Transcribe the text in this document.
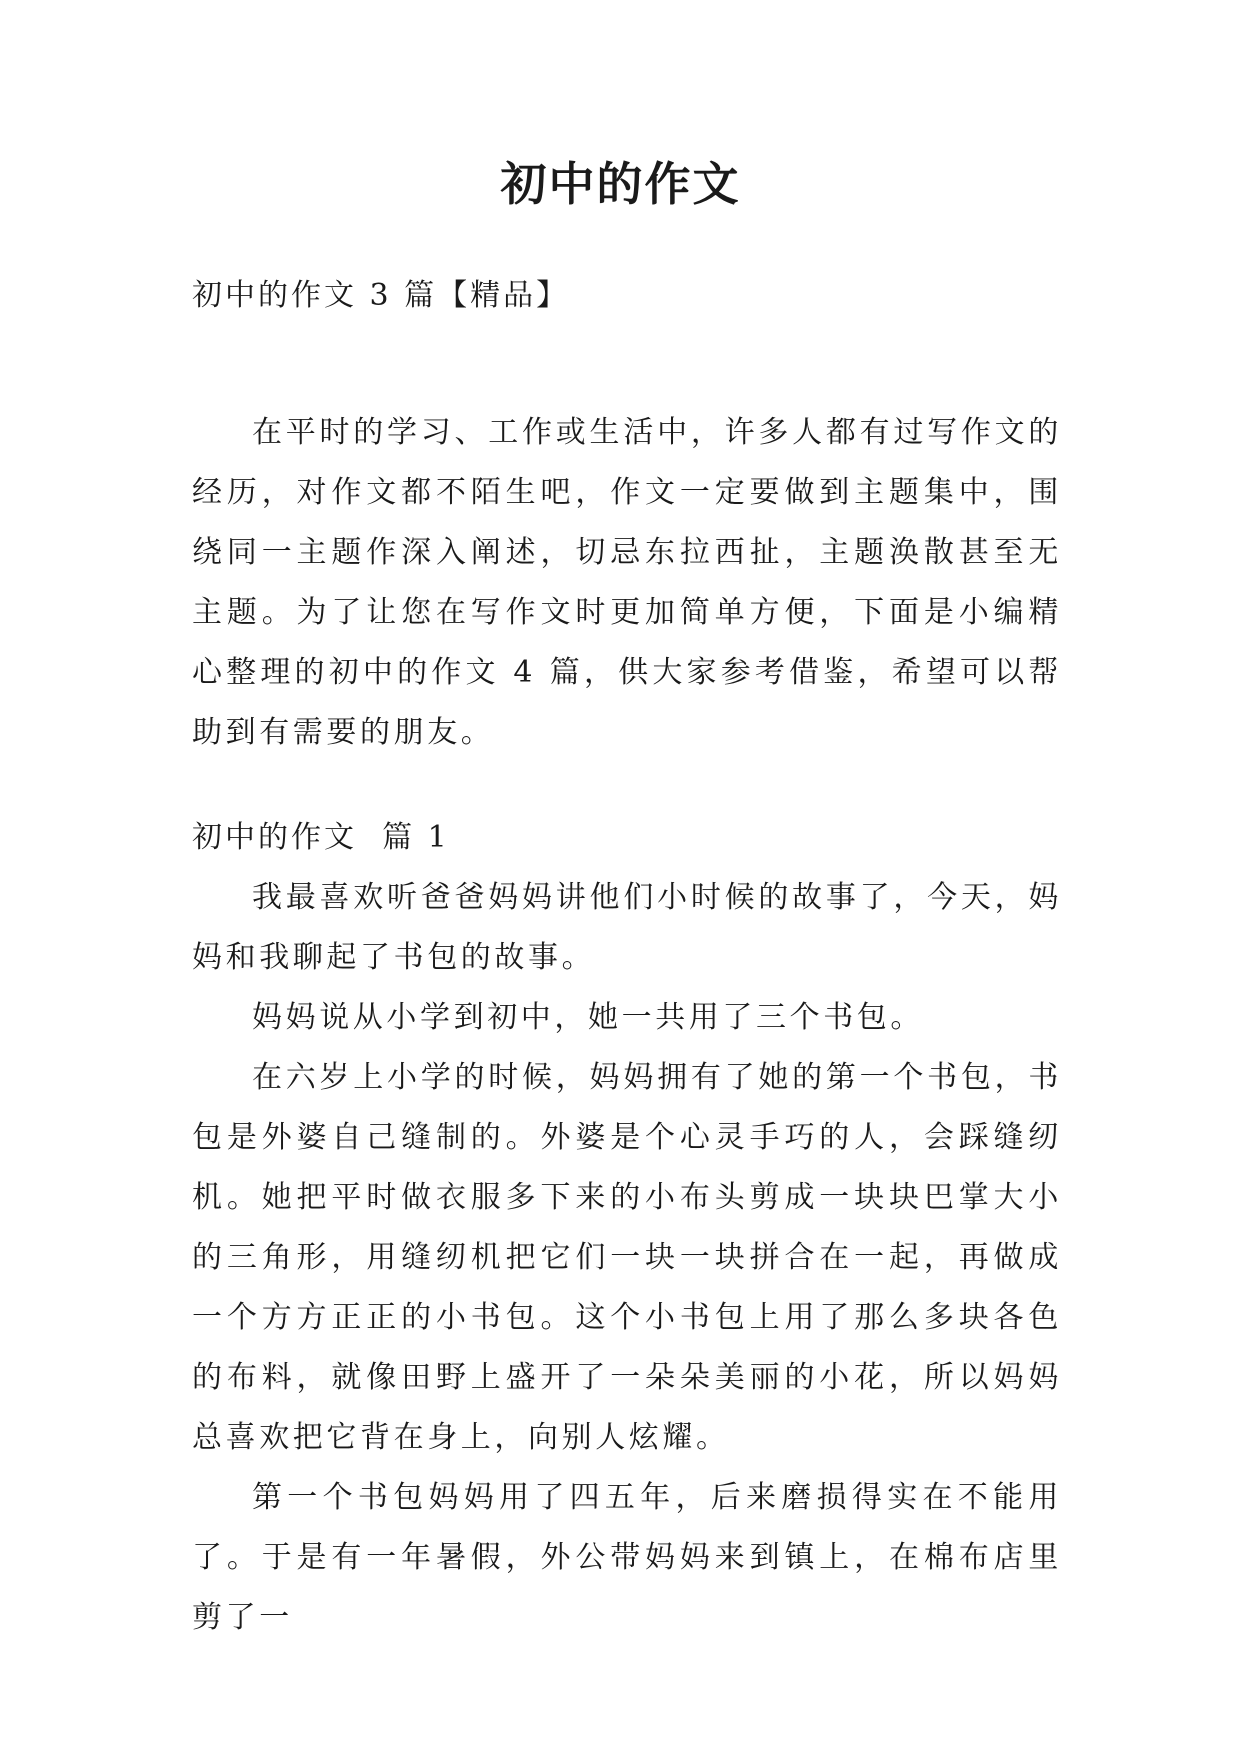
初中的作文

初中的作文 3 篇【精品】

在平时的学习、工作或生活中，许多人都有过写作文的经历，对作文都不陌生吧，作文一定要做到主题集中，围绕同一主题作深入阐述，切忌东拉西扯，主题涣散甚至无主题。为了让您在写作文时更加简单方便，下面是小编精心整理的初中的作文 4 篇，供大家参考借鉴，希望可以帮助到有需要的朋友。

初中的作文  篇 1

我最喜欢听爸爸妈妈讲他们小时候的故事了，今天，妈妈和我聊起了书包的故事。

妈妈说从小学到初中，她一共用了三个书包。

在六岁上小学的时候，妈妈拥有了她的第一个书包，书包是外婆自己缝制的。外婆是个心灵手巧的人，会踩缝纫机。她把平时做衣服多下来的小布头剪成一块块巴掌大小的三角形，用缝纫机把它们一块一块拼合在一起，再做成一个方方正正的小书包。这个小书包上用了那么多块各色的布料，就像田野上盛开了一朵朵美丽的小花，所以妈妈总喜欢把它背在身上，向别人炫耀。

第一个书包妈妈用了四五年，后来磨损得实在不能用了。于是有一年暑假，外公带妈妈来到镇上，在棉布店里剪了一
